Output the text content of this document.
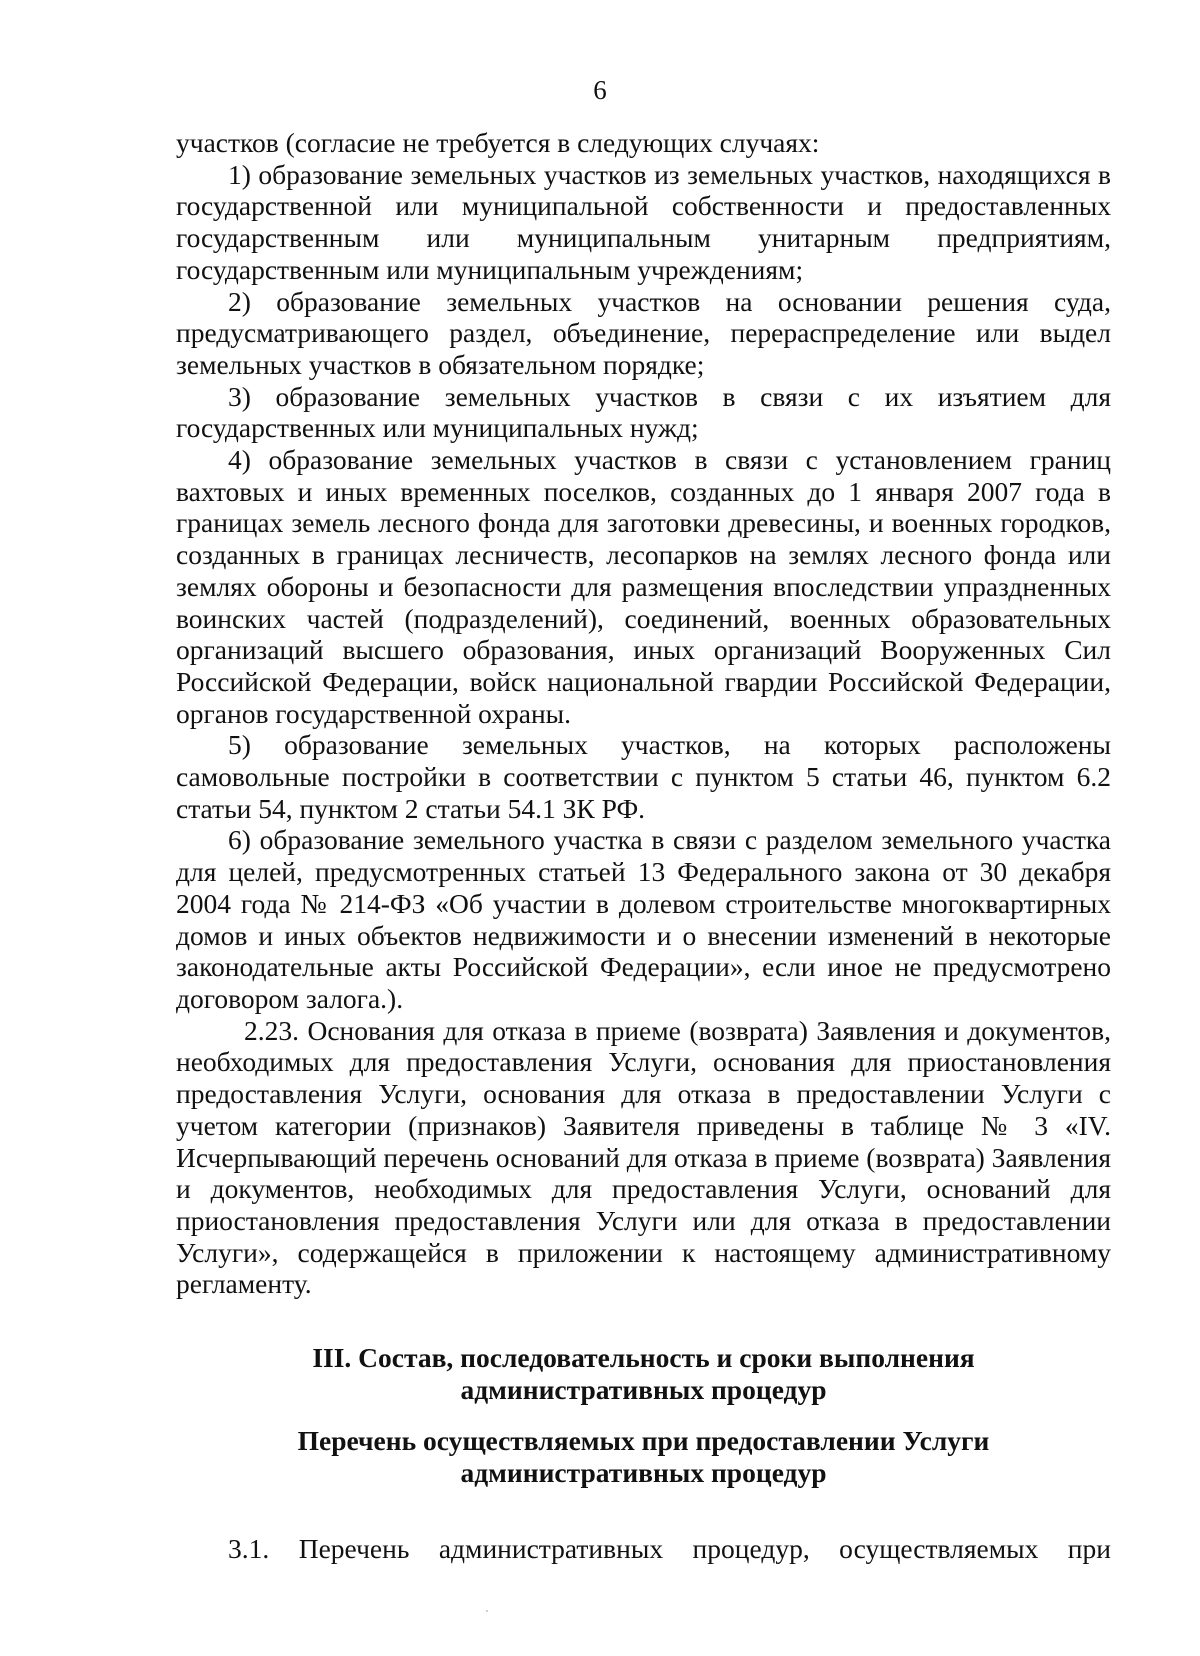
6

участков (согласие не требуется в следующих случаях:

1) образование земельных участков из земельных участков, находящихся в государственной или муниципальной собственности и предоставленных государственным или муниципальным унитарным предприятиям, государственным или муниципальным учреждениям;

2) образование земельных участков на основании решения суда, предусматривающего раздел, объединение, перераспределение или выдел земельных участков в обязательном порядке;

3) образование земельных участков в связи с их изъятием для государственных или муниципальных нужд;

4) образование земельных участков в связи с установлением границ вахтовых и иных временных поселков, созданных до 1 января 2007 года в границах земель лесного фонда для заготовки древесины, и военных городков, созданных в границах лесничеств, лесопарков на землях лесного фонда или землях обороны и безопасности для размещения впоследствии упраздненных воинских частей (подразделений), соединений, военных образовательных организаций высшего образования, иных организаций Вооруженных Сил Российской Федерации, войск национальной гвардии Российской Федерации, органов государственной охраны.

5) образование земельных участков, на которых расположены самовольные постройки в соответствии с пунктом 5 статьи 46, пунктом 6.2 статьи 54, пунктом 2 статьи 54.1 ЗК РФ.

6) образование земельного участка в связи с разделом земельного участка для целей, предусмотренных статьей 13 Федерального закона от 30 декабря 2004 года № 214-ФЗ «Об участии в долевом строительстве многоквартирных домов и иных объектов недвижимости и о внесении изменений в некоторые законодательные акты Российской Федерации», если иное не предусмотрено договором залога.).

2.23. Основания для отказа в приеме (возврата) Заявления и документов, необходимых для предоставления Услуги, основания для приостановления предоставления Услуги, основания для отказа в предоставлении Услуги с учетом категории (признаков) Заявителя приведены в таблице № 3 «IV. Исчерпывающий перечень оснований для отказа в приеме (возврата) Заявления и документов, необходимых для предоставления Услуги, оснований для приостановления предоставления Услуги или для отказа в предоставлении Услуги», содержащейся в приложении к настоящему административному регламенту.

III. Состав, последовательность и сроки выполнения
административных процедур
Перечень осуществляемых при предоставлении Услуги
административных процедур

3.1. Перечень административных процедур, осуществляемых при
